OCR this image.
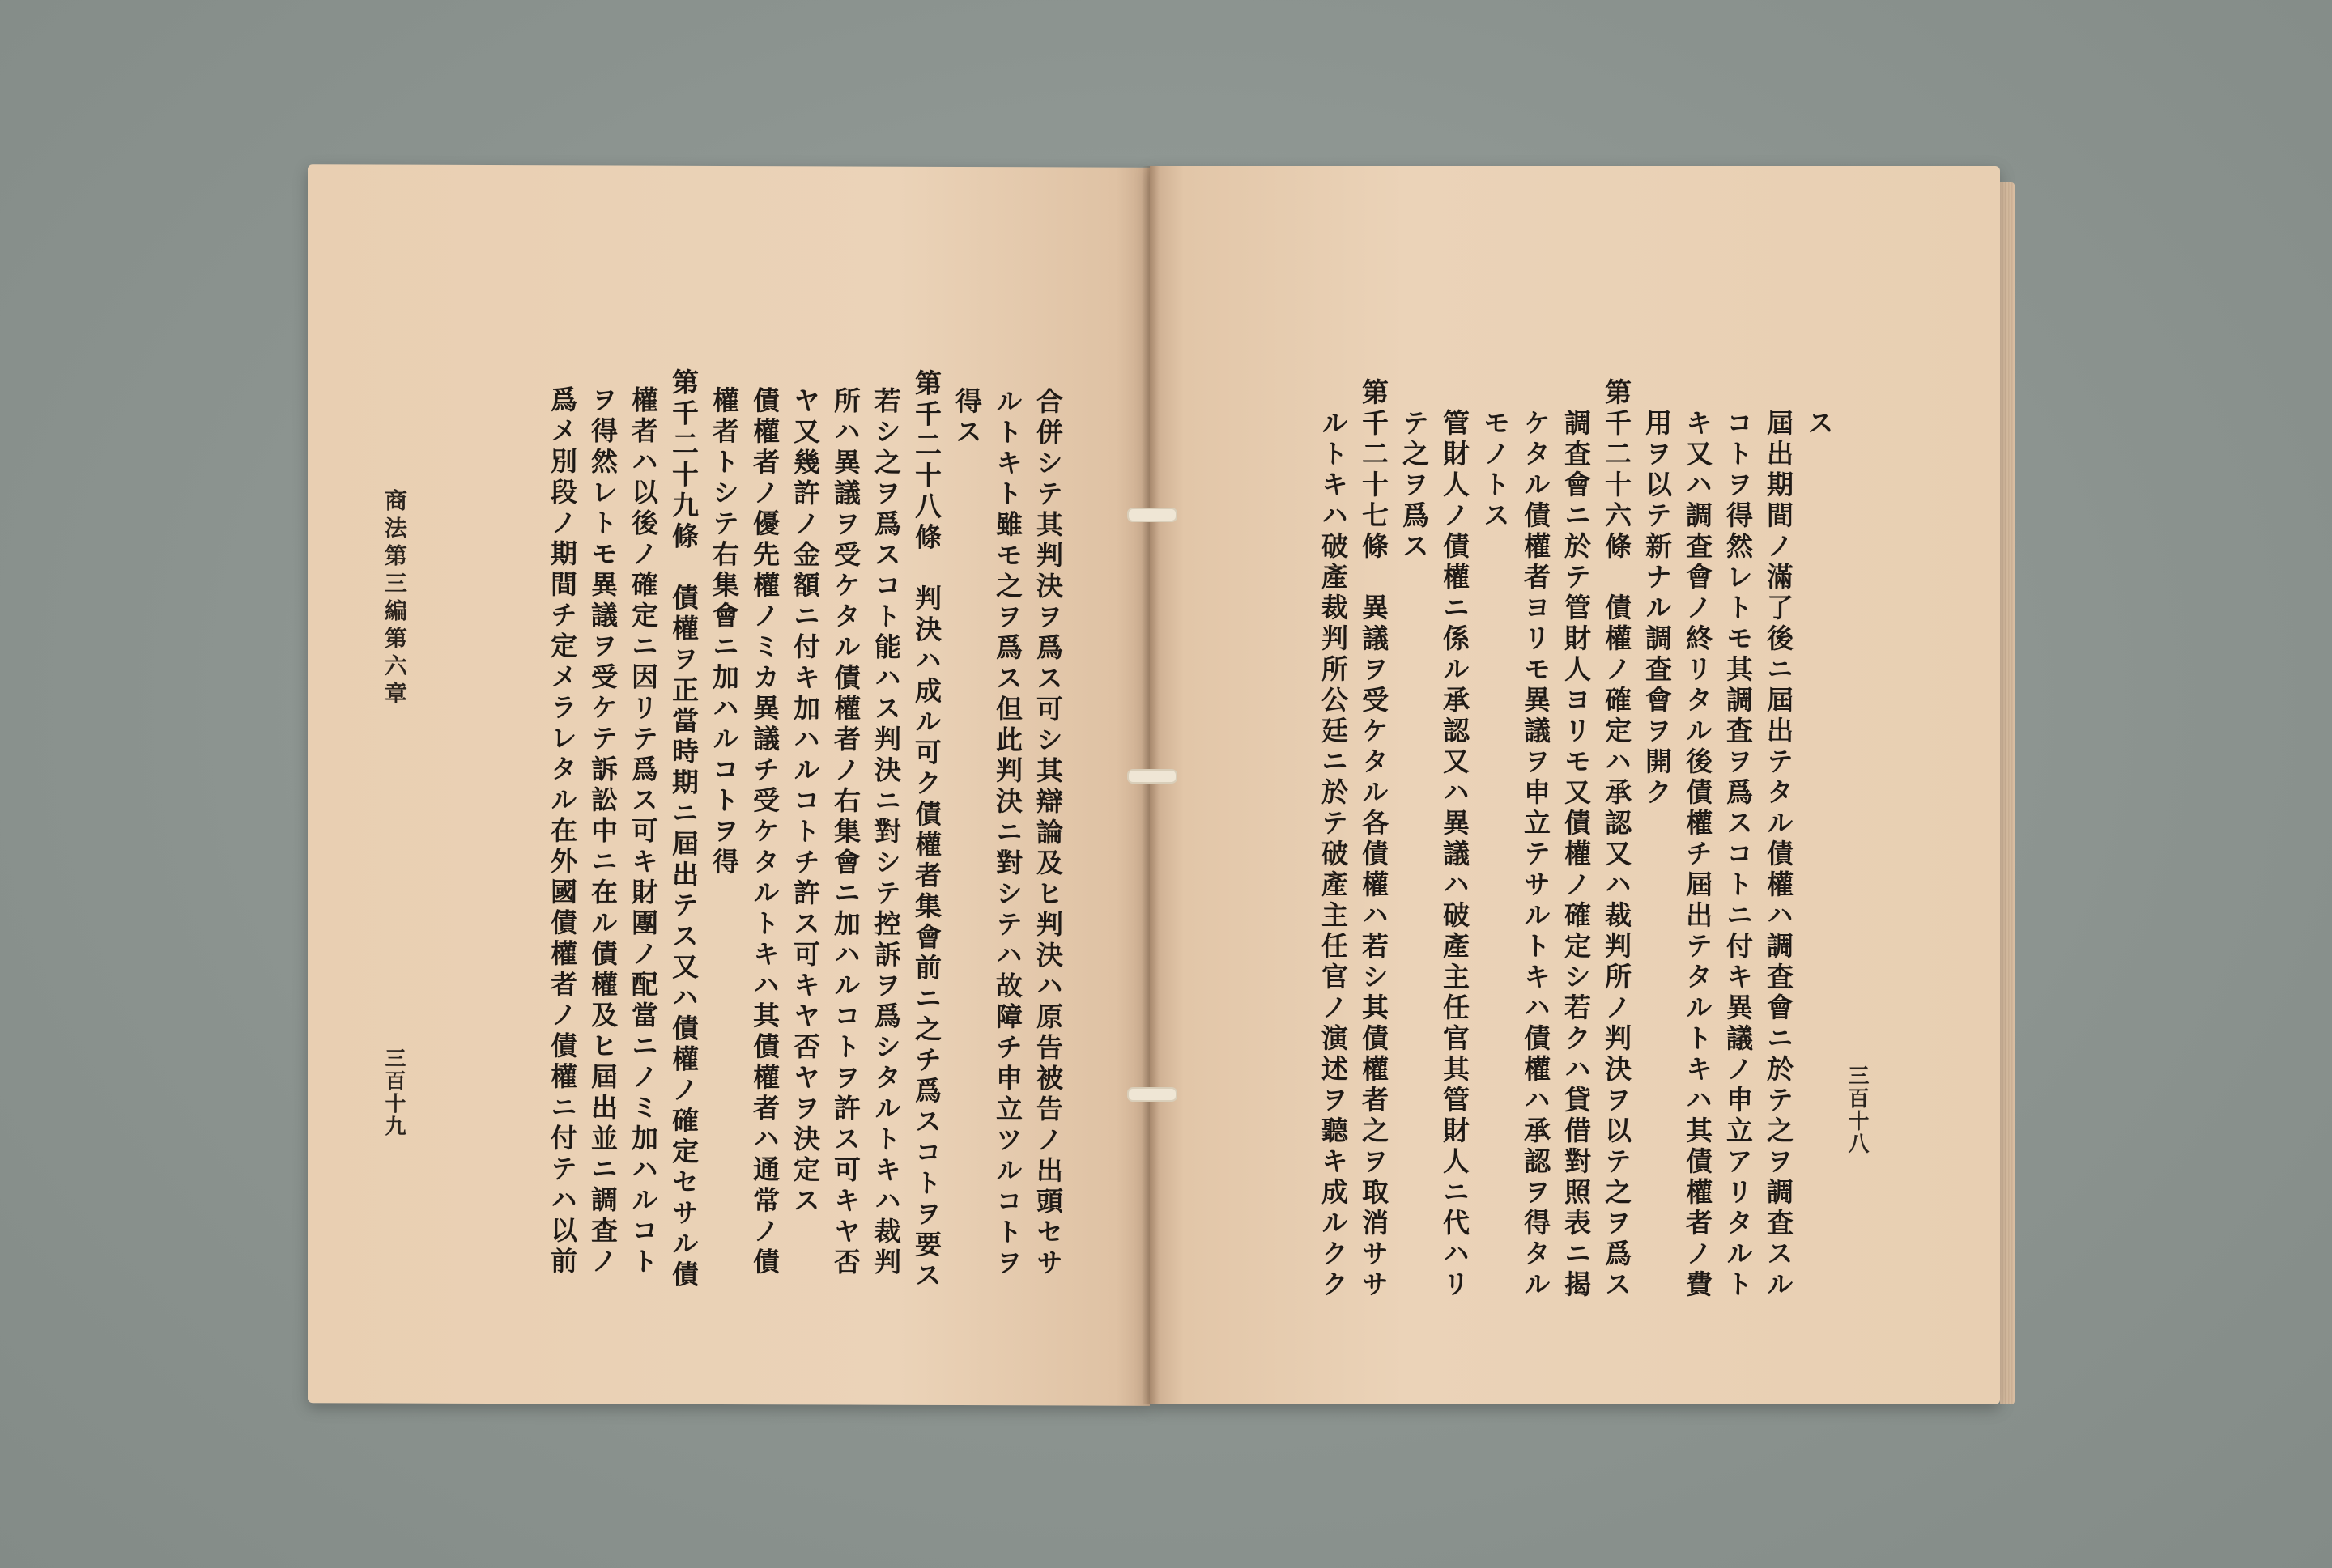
合併シテ其判決ヲ爲ス可シ其辯論及ヒ判決ハ原告被告ノ出頭セサ
ルトキト雖モ之ヲ爲ス但此判決ニ對シテハ故障チ申立ツルコトヲ
得ス
第千二十八條　判決ハ成ル可ク債權者集會前ニ之チ爲スコトヲ要ス
若シ之ヲ爲スコト能ハス判決ニ對シテ控訴ヲ爲シタルトキハ裁判
所ハ異議ヲ受ケタル債權者ノ右集會ニ加ハルコトヲ許ス可キヤ否
ヤ又幾許ノ金額ニ付キ加ハルコトチ許ス可キヤ否ヤヲ決定ス
債權者ノ優先權ノミカ異議チ受ケタルトキハ其債權者ハ通常ノ債
權者トシテ右集會ニ加ハルコトヲ得
第千二十九條　債權ヲ正當時期ニ屆出テス又ハ債權ノ確定セサル債
權者ハ以後ノ確定ニ因リテ爲ス可キ財團ノ配當ニノミ加ハルコト
ヲ得然レトモ異議ヲ受ケテ訴訟中ニ在ル債權及ヒ屆出並ニ調査ノ
爲メ別段ノ期間チ定メラレタル在外國債權者ノ債權ニ付テハ以前
商法第三編第六章
三百十九
ス
屆出期間ノ滿了後ニ屆出テタル債權ハ調査會ニ於テ之ヲ調査スル
コトヲ得然レトモ其調査ヲ爲スコトニ付キ異議ノ申立アリタルト
キ又ハ調査會ノ終リタル後債權チ屆出テタルトキハ其債權者ノ費
用ヲ以テ新ナル調査會ヲ開ク
第千二十六條　債權ノ確定ハ承認又ハ裁判所ノ判決ヲ以テ之ヲ爲ス
調査會ニ於テ管財人ヨリモ又債權ノ確定シ若クハ貸借對照表ニ揭
ケタル債權者ヨリモ異議ヲ申立テサルトキハ債權ハ承認ヲ得タル
モノトス
管財人ノ債權ニ係ル承認又ハ異議ハ破產主任官其管財人ニ代ハリ
テ之ヲ爲ス
第千二十七條　異議ヲ受ケタル各債權ハ若シ其債權者之ヲ取消ササ
ルトキハ破產裁判所公廷ニ於テ破產主任官ノ演述ヲ聽キ成ルクク	三百十八
